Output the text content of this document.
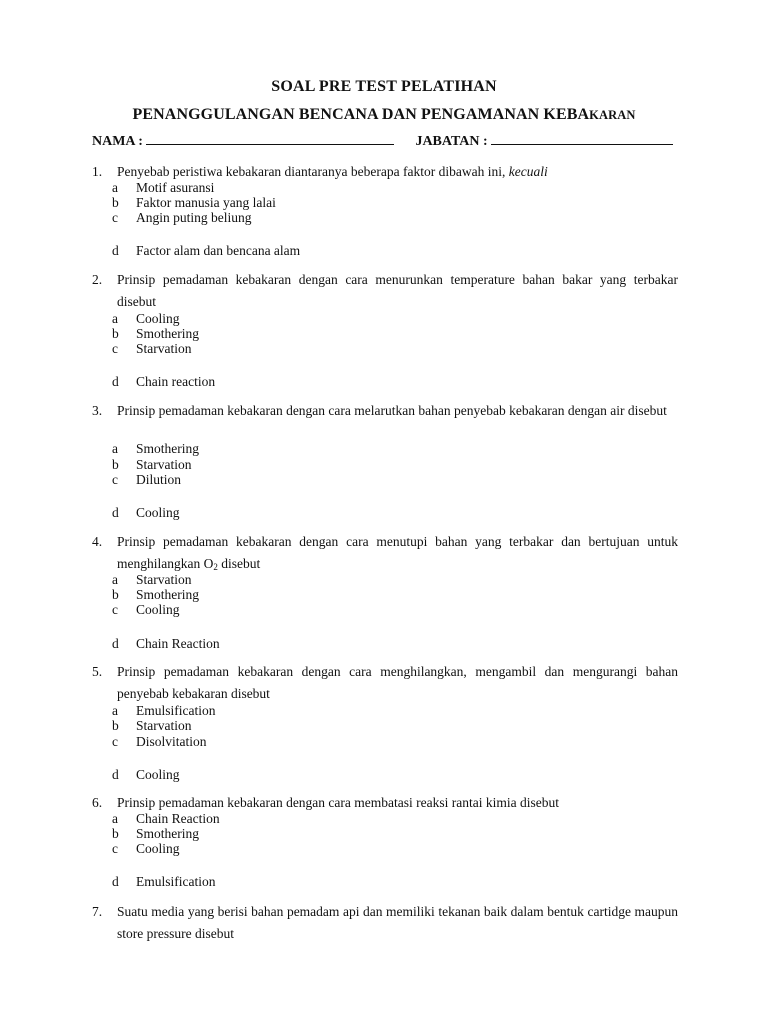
SOAL PRE TEST PELATIHAN
PENANGGULANGAN BENCANA DAN PENGAMANAN KEBAKARAN
NAMA :	JABATAN :
1. Penyebab peristiwa kebakaran diantaranya beberapa faktor dibawah ini, kecuali
a Motif asuransi
b Faktor manusia yang lalai
c Angin puting beliung
d Factor alam dan bencana alam
2. Prinsip pemadaman kebakaran dengan cara menurunkan temperature bahan bakar yang terbakar disebut
a Cooling
b Smothering
c Starvation
d Chain reaction
3. Prinsip pemadaman kebakaran dengan cara melarutkan bahan penyebab kebakaran dengan air disebut
a Smothering
b Starvation
c Dilution
d Cooling
4. Prinsip pemadaman kebakaran dengan cara menutupi bahan yang terbakar dan bertujuan untuk menghilangkan $O_2$ disebut
a Starvation
b Smothering
c Cooling
d Chain Reaction
5. Prinsip pemadaman kebakaran dengan cara menghilangkan, mengambil dan mengurangi bahan penyebab kebakaran disebut
a Emulsification
b Starvation
c Disolvitation
d Cooling
6. Prinsip pemadaman kebakaran dengan cara membatasi reaksi rantai kimia disebut
a Chain Reaction
b Smothering
c Cooling
d Emulsification
7. Suatu media yang berisi bahan pemadam api dan memiliki tekanan baik dalam bentuk cartidge maupun store pressure disebut
